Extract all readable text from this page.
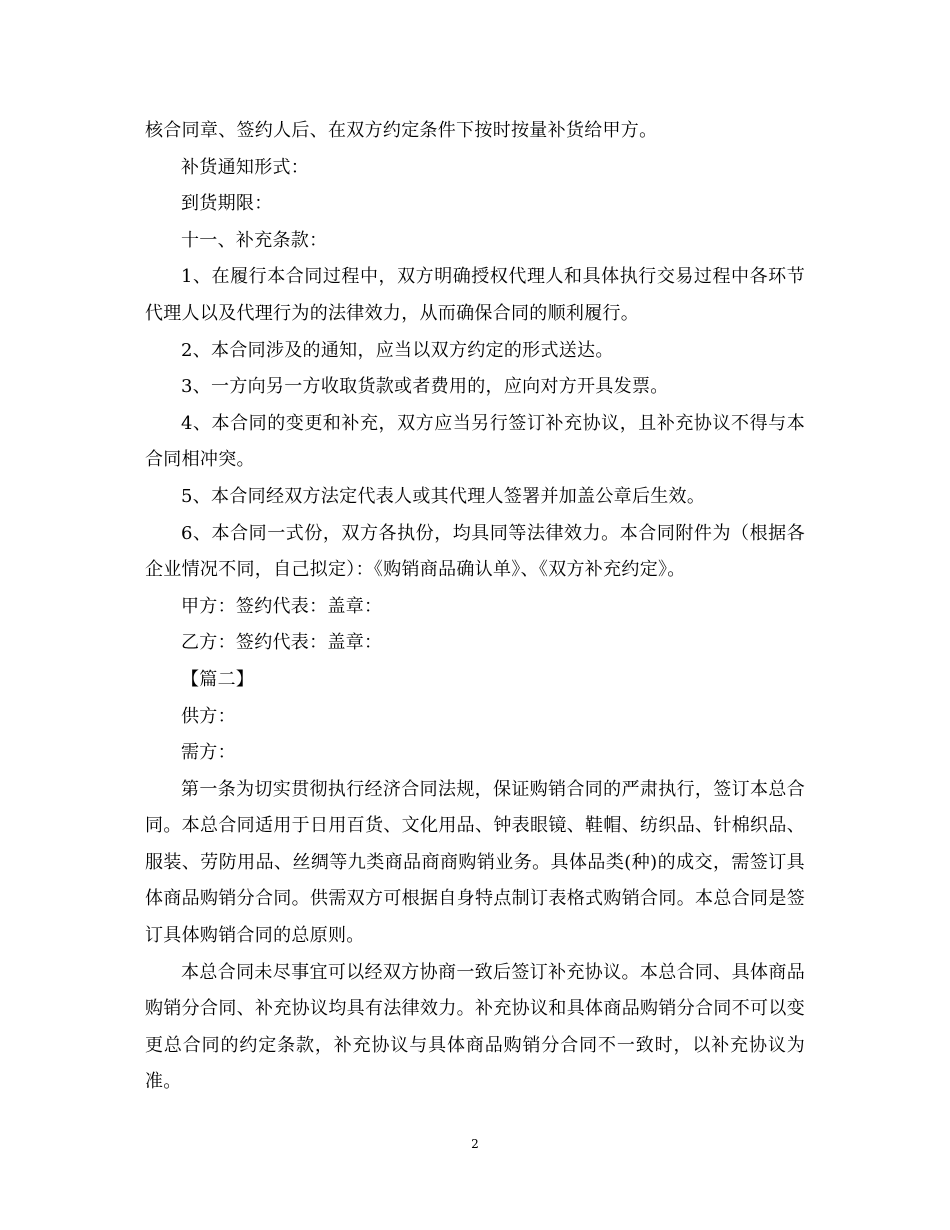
核合同章、签约人后、在双方约定条件下按时按量补货给甲方。

补货通知形式：

到货期限：

十一、补充条款：

1、在履行本合同过程中，双方明确授权代理人和具体执行交易过程中各环节代理人以及代理行为的法律效力，从而确保合同的顺利履行。

2、本合同涉及的通知，应当以双方约定的形式送达。

3、一方向另一方收取货款或者费用的，应向对方开具发票。

4、本合同的变更和补充，双方应当另行签订补充协议，且补充协议不得与本合同相冲突。

5、本合同经双方法定代表人或其代理人签署并加盖公章后生效。

6、本合同一式份，双方各执份，均具同等法律效力。本合同附件为（根据各企业情况不同，自己拟定）：《购销商品确认单》、《双方补充约定》。

甲方：签约代表：盖章：

乙方：签约代表：盖章：

【篇二】

供方：

需方：

第一条为切实贯彻执行经济合同法规，保证购销合同的严肃执行，签订本总合同。本总合同适用于日用百货、文化用品、钟表眼镜、鞋帽、纺织品、针棉织品、服装、劳防用品、丝绸等九类商品商商购销业务。具体品类(种)的成交，需签订具体商品购销分合同。供需双方可根据自身特点制订表格式购销合同。本总合同是签订具体购销合同的总原则。

本总合同未尽事宜可以经双方协商一致后签订补充协议。本总合同、具体商品购销分合同、补充协议均具有法律效力。补充协议和具体商品购销分合同不可以变更总合同的约定条款，补充协议与具体商品购销分合同不一致时，以补充协议为准。

2
